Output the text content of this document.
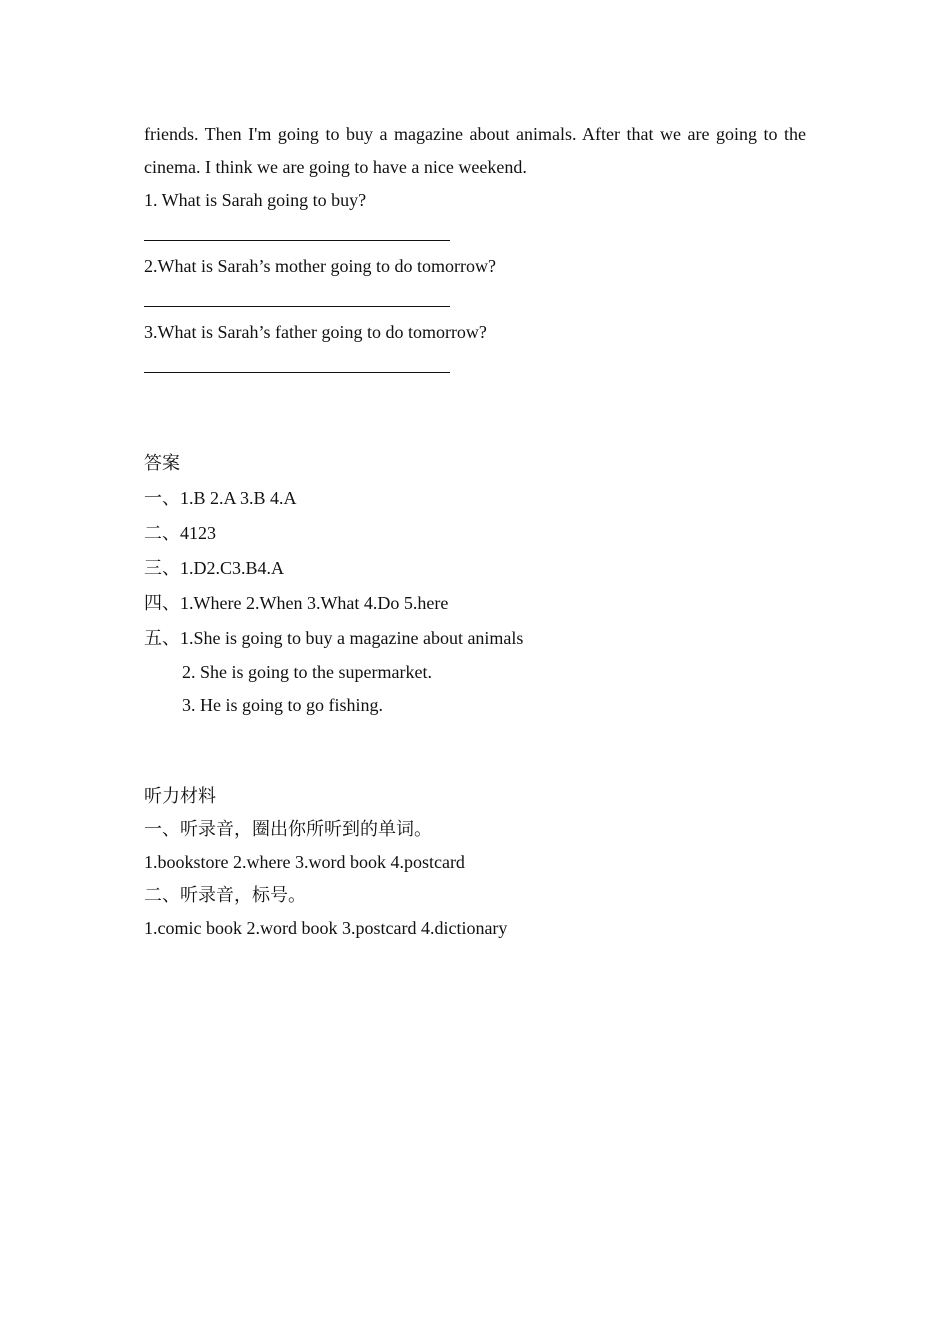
friends. Then I'm going to buy a magazine about animals. After that we are going to the cinema. I think we are going to have a nice weekend.

1. What is Sarah going to buy?
2.What is Sarah’s mother going to do tomorrow?
3.What is Sarah’s father going to do tomorrow?
答案
一、1.B 2.A 3.B 4.A
二、4123
三、1.D2.C3.B4.A
四、1.Where 2.When 3.What 4.Do 5.here
五、1.She is going to buy a magazine about animals
2. She is going to the supermarket.
3. He is going to go fishing.
听力材料
一、听录音，圈出你所听到的单词。
1.bookstore 2.where 3.word book 4.postcard
二、听录音，标号。
1.comic book 2.word book 3.postcard 4.dictionary
